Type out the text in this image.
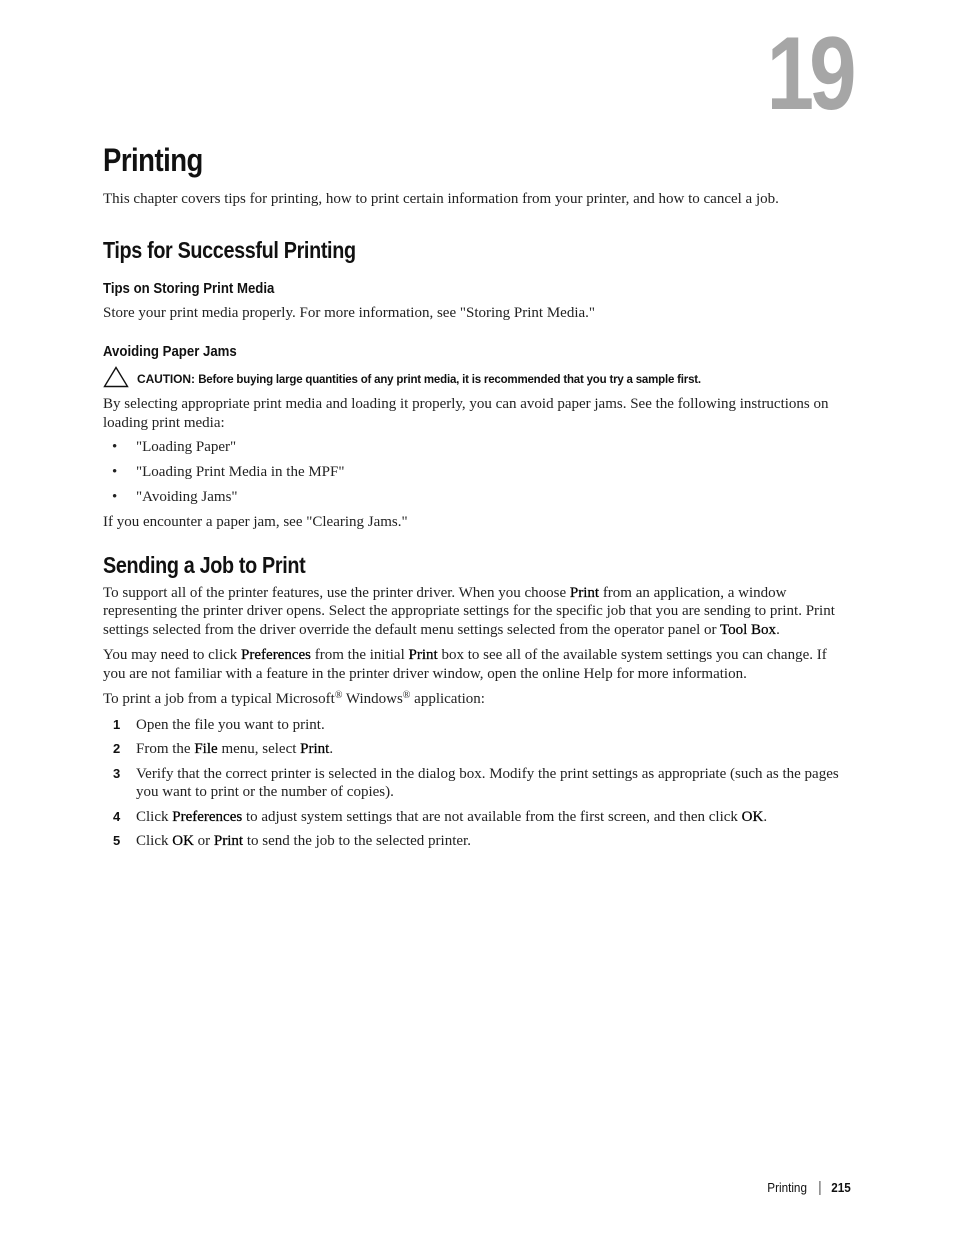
19
Printing

This chapter covers tips for printing, how to print certain information from your printer, and how to cancel a job.

Tips for Successful Printing
Tips on Storing Print Media

Store your print media properly. For more information, see "Storing Print Media."

Avoiding Paper Jams
CAUTION: Before buying large quantities of any print media, it is recommended that you try a sample first.

By selecting appropriate print media and loading it properly, you can avoid paper jams. See the following instructions on loading print media:

• "Loading Paper"
• "Loading Print Media in the MPF"
• "Avoiding Jams"

If you encounter a paper jam, see "Clearing Jams."

Sending a Job to Print

To support all of the printer features, use the printer driver. When you choose Print from an application, a window representing the printer driver opens. Select the appropriate settings for the specific job that you are sending to print. Print settings selected from the driver override the default menu settings selected from the operator panel or Tool Box.

You may need to click Preferences from the initial Print box to see all of the available system settings you can change. If you are not familiar with a feature in the printer driver window, open the online Help for more information.

To print a job from a typical Microsoft® Windows® application:

1 Open the file you want to print.
2 From the File menu, select Print.
3 Verify that the correct printer is selected in the dialog box. Modify the print settings as appropriate (such as the pages you want to print or the number of copies).
4 Click Preferences to adjust system settings that are not available from the first screen, and then click OK.
5 Click OK or Print to send the job to the selected printer.
Printing 215
